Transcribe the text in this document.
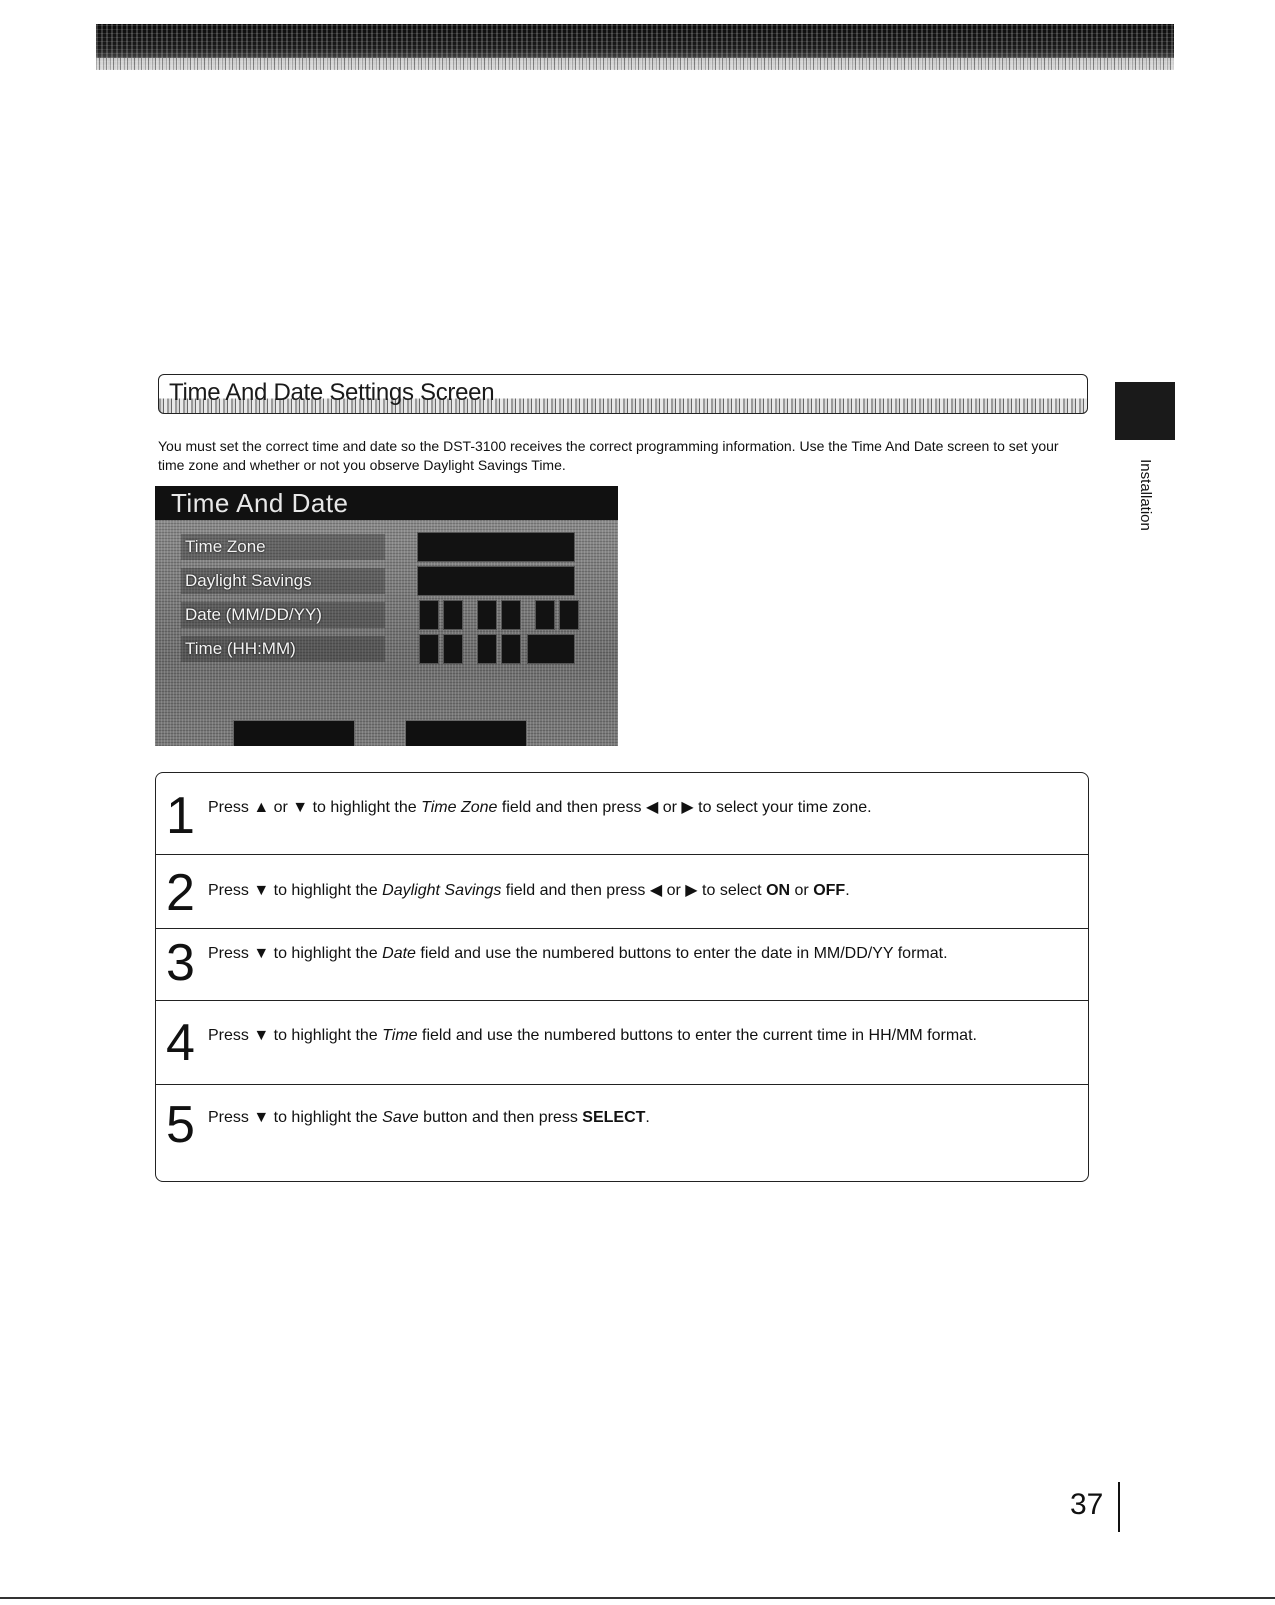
Installation
Time And Date Settings Screen
You must set the correct time and date so the DST-3100 receives the correct programming information. Use the Time And Date screen to set your time zone and whether or not you observe Daylight Savings Time.
Time And Date
Time Zone
Daylight Savings
Date (MM/DD/YY)
Time (HH:MM)
1 Press ▲ or ▼ to highlight the Time Zone field and then press ◀ or ▶ to select your time zone.
2 Press ▼ to highlight the Daylight Savings field and then press ◀ or ▶ to select ON or OFF.
3 Press ▼ to highlight the Date field and use the numbered buttons to enter the date in MM/DD/YY format.
4 Press ▼ to highlight the Time field and use the numbered buttons to enter the current time in HH/MM format.
5 Press ▼ to highlight the Save button and then press SELECT.
37
